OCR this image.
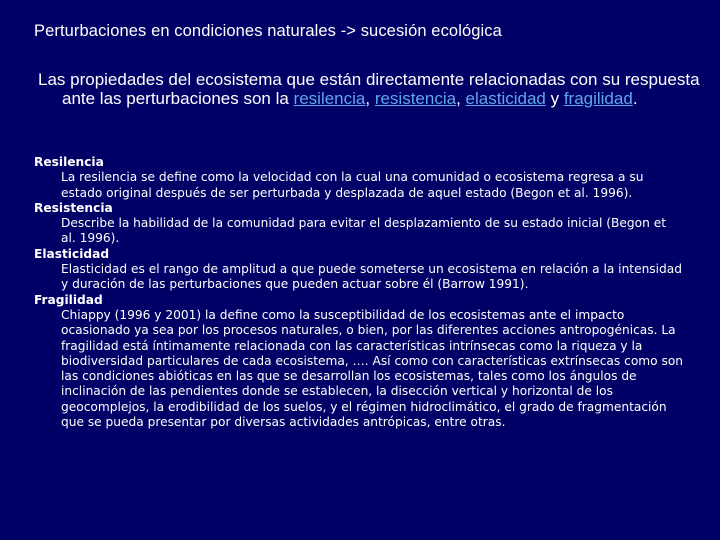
Perturbaciones en condiciones naturales -> sucesión ecológica
Las propiedades del ecosistema que están directamente relacionadas con su respuesta ante las perturbaciones son la resilencia, resistencia, elasticidad y fragilidad.
Resilencia
La resilencia se define como la velocidad con la cual una comunidad o ecosistema regresa a su estado original después de ser perturbada y desplazada de aquel estado (Begon et al. 1996).
Resistencia
Describe la habilidad de la comunidad para evitar el desplazamiento de su estado inicial (Begon et al. 1996).
Elasticidad
Elasticidad es el rango de amplitud a que puede someterse un ecosistema en relación a la intensidad y duración de las perturbaciones que pueden actuar sobre él (Barrow 1991).
Fragilidad
Chiappy (1996 y 2001) la define como la susceptibilidad de los ecosistemas ante el impacto ocasionado ya sea por los procesos naturales, o bien, por las diferentes acciones antropogénicas. La fragilidad está íntimamente relacionada con las características intrínsecas como la riqueza y la biodiversidad particulares de cada ecosistema, …. Así como con características extrínsecas como son las condiciones abióticas en las que se desarrollan los ecosistemas, tales como los ángulos de inclinación de las pendientes donde se establecen, la disección vertical y horizontal de los geocomplejos, la erodibilidad de los suelos, y el régimen hidroclimático, el grado de fragmentación que se pueda presentar por diversas actividades antrópicas, entre otras.
